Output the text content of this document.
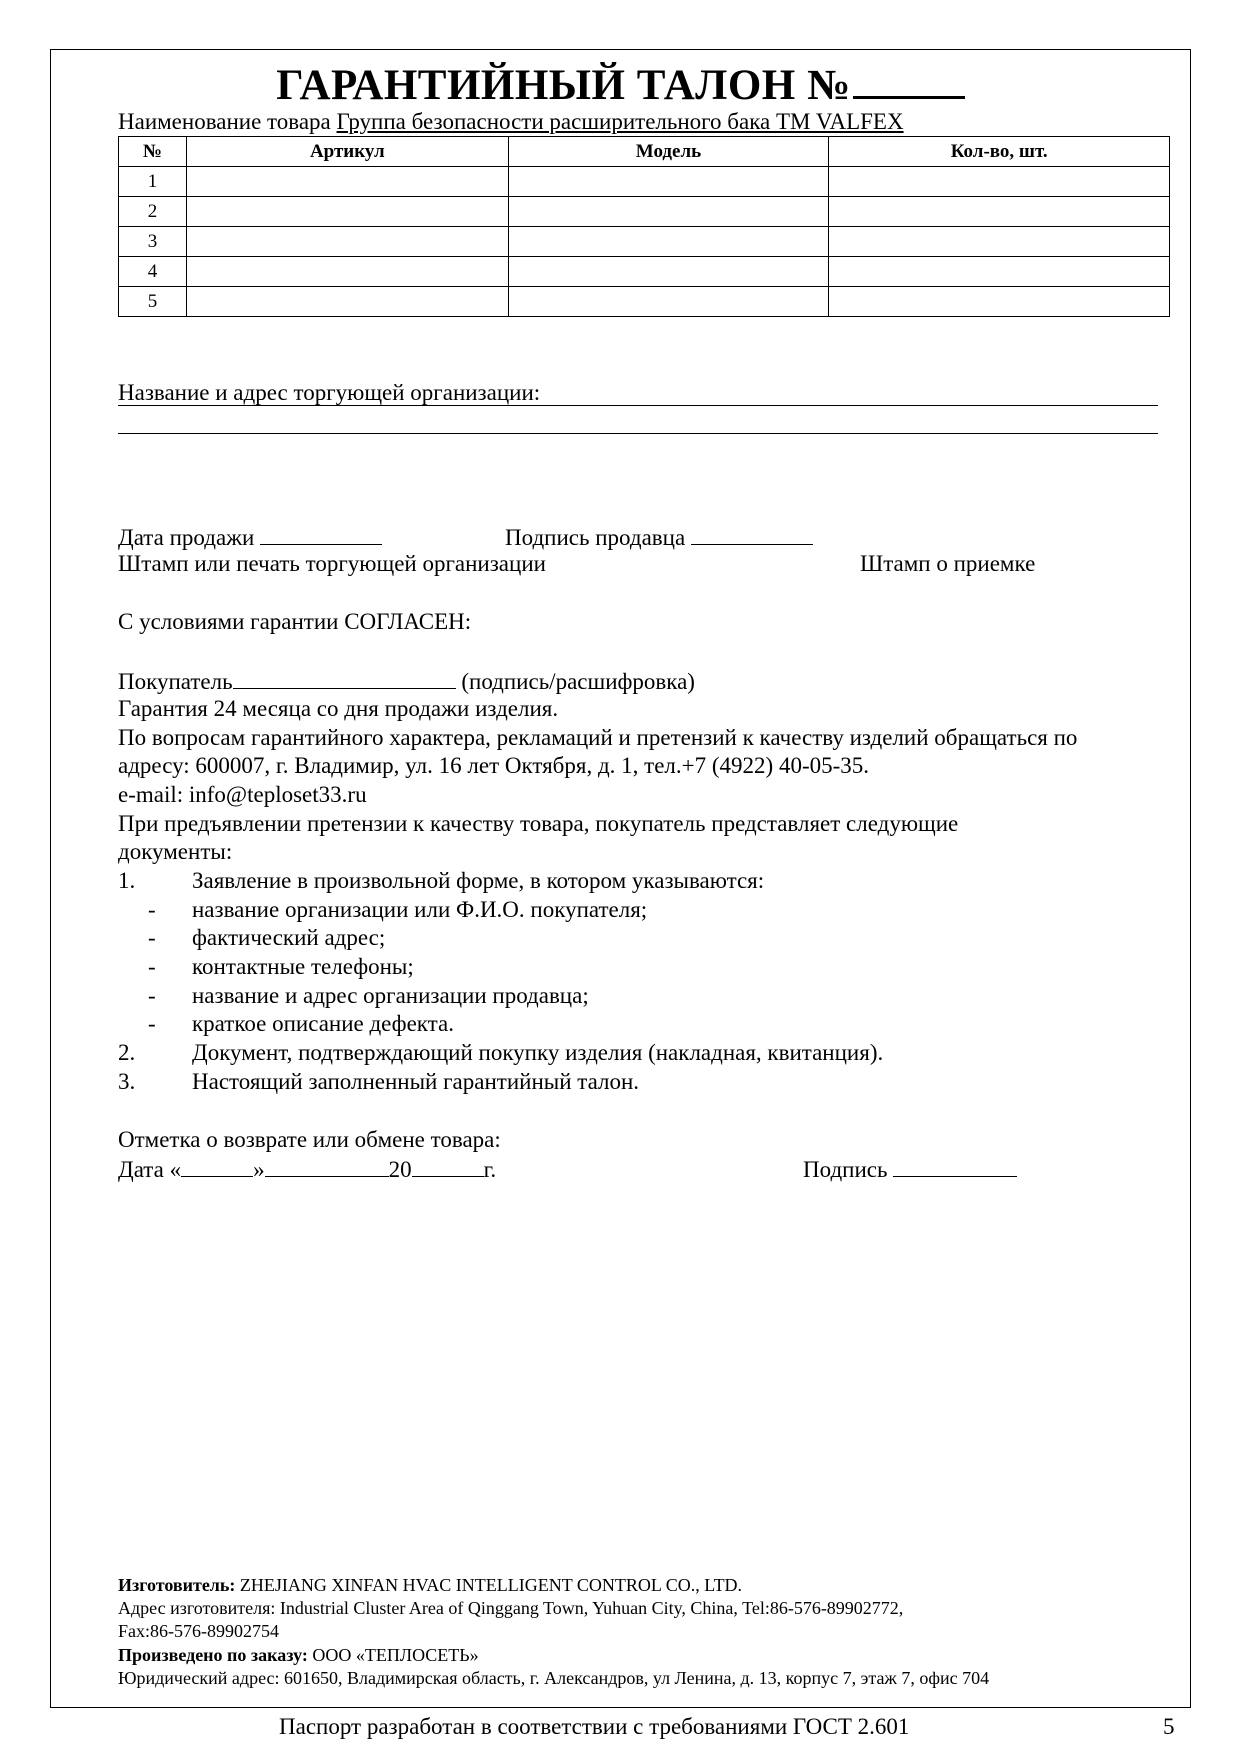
ГАРАНТИЙНЫЙ ТАЛОН №
Наименование товара Группа безопасности расширительного бака TM VALFEX
№	Артикул	Модель	Кол-во, шт.
1			
2			
3			
4			
5			
Название и адрес торгующей организации:
Дата продажи	Подпись продавца
Штамп или печать торгующей организации	Штамп о приемке
С условиями гарантии СОГЛАСЕН:
Покупатель	(подпись/расшифровка)
Гарантия 24 месяца со дня продажи изделия.
По вопросам гарантийного характера, рекламаций и претензий к качеству изделий обращаться по
адресу: 600007, г. Владимир, ул. 16 лет Октября, д. 1, тел.+7 (4922) 40-05-35.
e-mail: info@teploset33.ru
При предъявлении претензии к качеству товара, покупатель представляет следующие
документы:
1. Заявление в произвольной форме, в котором указываются:
- название организации или Ф.И.О. покупателя;
- фактический адрес;
- контактные телефоны;
- название и адрес организации продавца;
- краткое описание дефекта.
2. Документ, подтверждающий покупку изделия (накладная, квитанция).
3. Настоящий заполненный гарантийный талон.
Отметка о возврате или обмене товара:
Дата «	»	20	г.	Подпись
Изготовитель: ZHEJIANG XINFAN HVAC INTELLIGENT CONTROL CO., LTD.
Адрес изготовителя: Industrial Cluster Area of Qinggang Town, Yuhuan City, China, Tel:86-576-89902772,
Fax:86-576-89902754
Произведено по заказу: ООО «ТЕПЛОСЕТЬ»
Юридический адрес: 601650, Владимирская область, г. Александров, ул Ленина, д. 13, корпус 7, этаж 7, офис 704
Паспорт разработан в соответствии с требованиями ГОСТ 2.601	5
